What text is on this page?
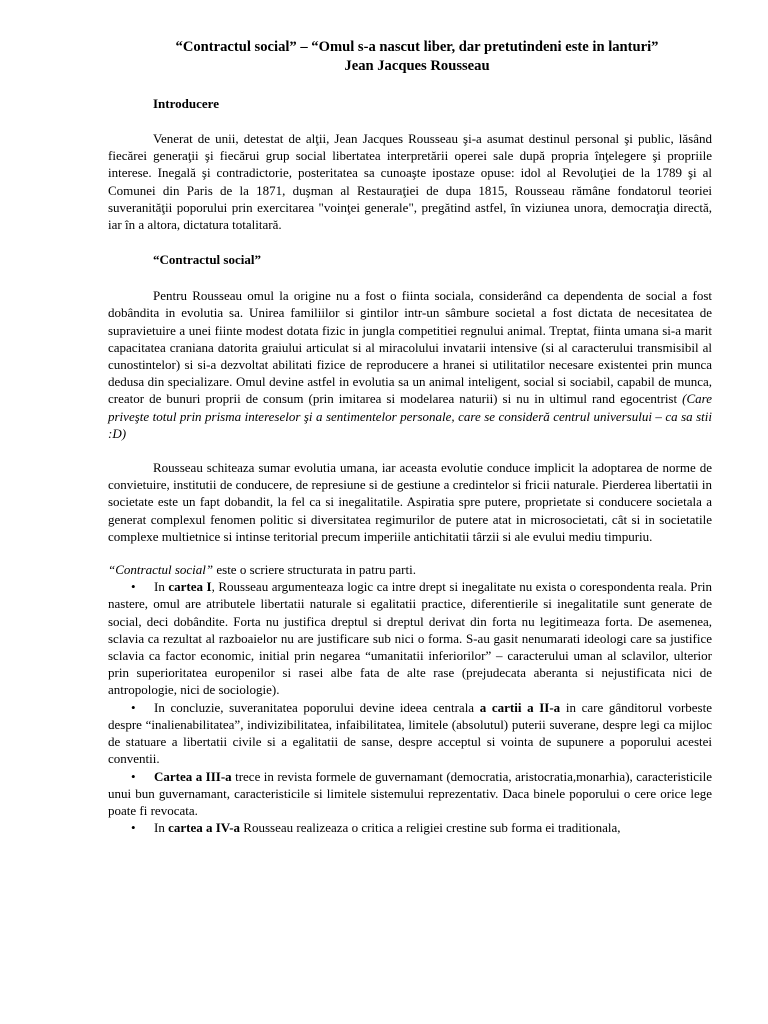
“Contractul social” – “Omul s-a nascut liber, dar pretutindeni este in lanturi”
Jean Jacques Rousseau
Introducere

Venerat de unii, detestat de alţii, Jean Jacques Rousseau şi-a asumat destinul personal şi public, lăsând fiecărei generaţii şi fiecărui grup social libertatea interpretării operei sale după propria înţelegere şi propriile interese. Inegală şi contradictorie, posteritatea sa cunoaşte ipostaze opuse: idol al Revoluţiei de la 1789 şi al Comunei din Paris de la 1871, duşman al Restauraţiei de dupa 1815, Rousseau rămâne fondatorul teoriei suveranităţii poporului prin exercitarea "voinţei generale", pregătind astfel, în viziunea unora, democraţia directă, iar în a altora, dictatura totalitară.

“Contractul social”

Pentru Rousseau omul la origine nu a fost o fiinta sociala, considerând ca dependenta de social a fost dobândita in evolutia sa. Unirea familiilor si gintilor intr-un sâmbure societal a fost dictata de necesitatea de supravietuire a unei fiinte modest dotata fizic in jungla competitiei regnului animal. Treptat, fiinta umana si-a marit capacitatea craniana datorita graiului articulat si al miracolului invatarii intensive (si al caracterului transmisibil al cunostintelor) si si-a dezvoltat abilitati fizice de reproducere a hranei si utilitatilor necesare existentei prin munca dedusa din specializare. Omul devine astfel in evolutia sa un animal inteligent, social si sociabil, capabil de munca, creator de bunuri proprii de consum (prin imitarea si modelarea naturii) si nu in ultimul rand egocentrist (Care priveşte totul prin prisma intereselor şi a sentimentelor personale, care se consideră centrul universului – ca sa stii :D)

Rousseau schiteaza sumar evolutia umana, iar aceasta evolutie conduce implicit la adoptarea de norme de convietuire, institutii de conducere, de represiune si de gestiune a credintelor si fricii naturale. Pierderea libertatii in societate este un fapt dobandit, la fel ca si inegalitatile. Aspiratia spre putere, proprietate si conducere societala a generat complexul fenomen politic si diversitatea regimurilor de putere atat in microsocietati, cât si in societatile complexe multietnice si intinse teritorial precum imperiile antichitatii târzii si ale evului mediu timpuriu.

“Contractul social” este o scriere structurata in patru parti.

• In cartea I, Rousseau argumenteaza logic ca intre drept si inegalitate nu exista o corespondenta reala. Prin nastere, omul are atributele libertatii naturale si egalitatii practice, diferentierile si inegalitatile sunt generate de social, deci dobândite. Forta nu justifica dreptul si dreptul derivat din forta nu legitimeaza forta. De asemenea, sclavia ca rezultat al razboaielor nu are justificare sub nici o forma. S-au gasit nenumarati ideologi care sa justifice sclavia ca factor economic, initial prin negarea “umanitatii inferiorilor” – caracterului uman al sclavilor, ulterior prin superioritatea europenilor si rasei albe fata de alte rase (prejudecata aberanta si nejustificata nici de antropologie, nici de sociologie).
• In concluzie, suveranitatea poporului devine ideea centrala a cartii a II-a in care gânditorul vorbeste despre “inalienabilitatea”, indivizibilitatea, infaibilitatea, limitele (absolutul) puterii suverane, despre legi ca mijloc de statuare a libertatii civile si a egalitatii de sanse, despre acceptul si vointa de supunere a poporului acestei conventii.
• Cartea a III-a trece in revista formele de guvernamant (democratia, aristocratia,monarhia), caracteristicile unui bun guvernamant, caracteristicile si limitele sistemului reprezentativ. Daca binele poporului o cere orice lege poate fi revocata.
• In cartea a IV-a Rousseau realizeaza o critica a religiei crestine sub forma ei traditionala,
